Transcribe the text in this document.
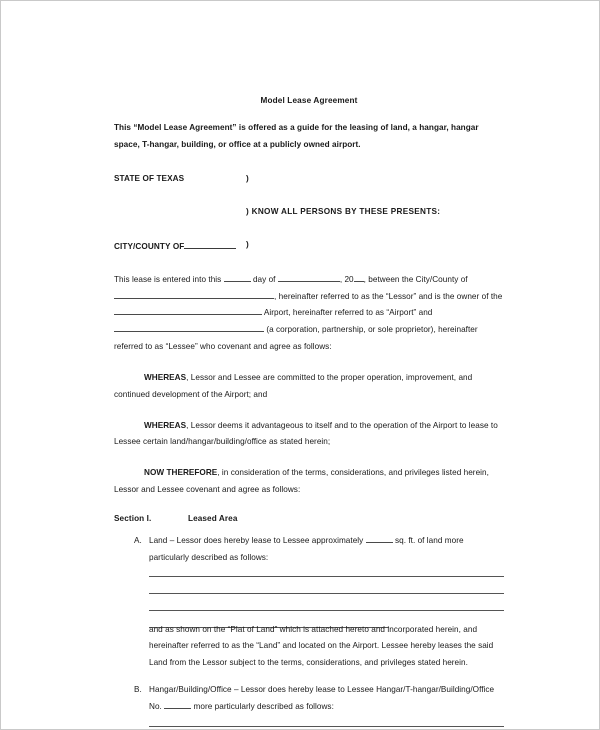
Model Lease Agreement
This “Model Lease Agreement” is offered as a guide for the leasing of land, a hangar, hangar space, T-hangar, building, or office at a publicly owned airport.
STATE OF TEXAS	)
) KNOW ALL PERSONS BY THESE PRESENTS:
CITY/COUNTY OF	)
This lease is entered into this	day of	, 20 , between the City/County of , hereinafter referred to as the “Lessor” and is the owner of the  Airport, hereinafter referred to as “Airport” and  (a corporation, partnership, or sole proprietor), hereinafter referred to as “Lessee” who covenant and agree as follows:
WHEREAS, Lessor and Lessee are committed to the proper operation, improvement, and continued development of the Airport; and
WHEREAS, Lessor deems it advantageous to itself and to the operation of the Airport to lease to Lessee certain land/hangar/building/office as stated herein;
NOW THEREFORE, in consideration of the terms, considerations, and privileges listed herein, Lessor and Lessee covenant and agree as follows:
Section I.	Leased Area
A. Land – Lessor does hereby lease to Lessee approximately	sq. ft. of land more particularly described as follows:
and as shown on the “Plat of Land” which is attached hereto and incorporated herein, and hereinafter referred to as the “Land” and located on the Airport. Lessee hereby leases the said Land from the Lessor subject to the terms, considerations, and privileges stated herein.
B. Hangar/Building/Office – Lessor does hereby lease to Lessee Hangar/T-hangar/Building/Office No.	more particularly described as follows:
